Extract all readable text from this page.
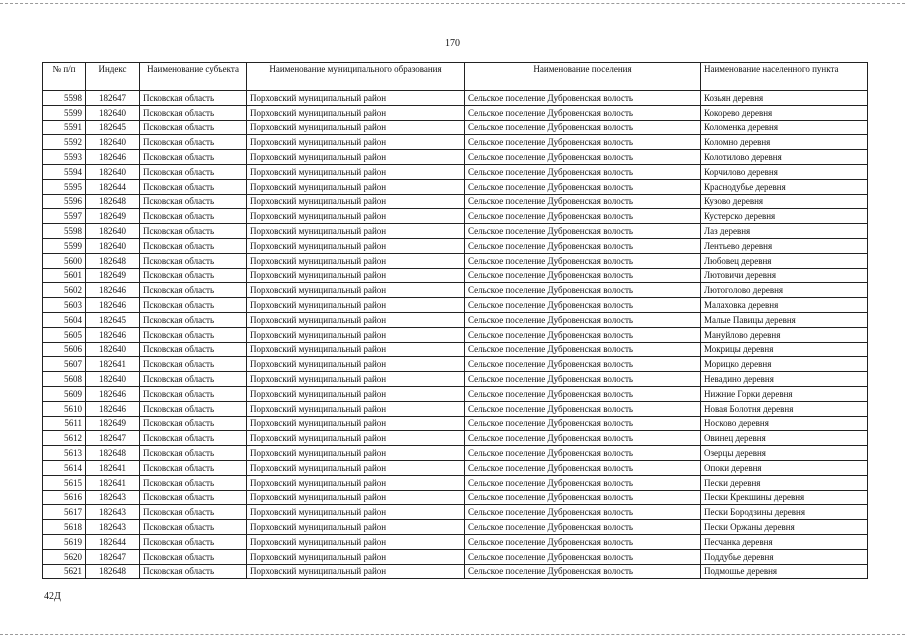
170
№ п/п	Индекс	Наименование субъекта	Наименование муниципального образования	Наименование поселения	Наименование населенного пункта
5598	182647	Псковская область	Порховский муниципальный район	Сельское поселение Дубровенская волость	Козьян деревня
5599	182640	Псковская область	Порховский муниципальный район	Сельское поселение Дубровенская волость	Кокорево деревня
5591	182645	Псковская область	Порховский муниципальный район	Сельское поселение Дубровенская волость	Коломенка деревня
5592	182640	Псковская область	Порховский муниципальный район	Сельское поселение Дубровенская волость	Коломно деревня
5593	182646	Псковская область	Порховский муниципальный район	Сельское поселение Дубровенская волость	Колотилово деревня
5594	182640	Псковская область	Порховский муниципальный район	Сельское поселение Дубровенская волость	Корчилово деревня
5595	182644	Псковская область	Порховский муниципальный район	Сельское поселение Дубровенская волость	Краснодубье деревня
5596	182648	Псковская область	Порховский муниципальный район	Сельское поселение Дубровенская волость	Кузово деревня
5597	182649	Псковская область	Порховский муниципальный район	Сельское поселение Дубровенская волость	Кустерско деревня
5598	182640	Псковская область	Порховский муниципальный район	Сельское поселение Дубровенская волость	Лаз деревня
5599	182640	Псковская область	Порховский муниципальный район	Сельское поселение Дубровенская волость	Лентьево деревня
5600	182648	Псковская область	Порховский муниципальный район	Сельское поселение Дубровенская волость	Любовец деревня
5601	182649	Псковская область	Порховский муниципальный район	Сельское поселение Дубровенская волость	Лютовичи деревня
5602	182646	Псковская область	Порховский муниципальный район	Сельское поселение Дубровенская волость	Лютоголово деревня
5603	182646	Псковская область	Порховский муниципальный район	Сельское поселение Дубровенская волость	Малаховка деревня
5604	182645	Псковская область	Порховский муниципальный район	Сельское поселение Дубровенская волость	Малые Павицы деревня
5605	182646	Псковская область	Порховский муниципальный район	Сельское поселение Дубровенская волость	Мануйлово деревня
5606	182640	Псковская область	Порховский муниципальный район	Сельское поселение Дубровенская волость	Мокрицы деревня
5607	182641	Псковская область	Порховский муниципальный район	Сельское поселение Дубровенская волость	Морицко деревня
5608	182640	Псковская область	Порховский муниципальный район	Сельское поселение Дубровенская волость	Невадино деревня
5609	182646	Псковская область	Порховский муниципальный район	Сельское поселение Дубровенская волость	Нижние Горки деревня
5610	182646	Псковская область	Порховский муниципальный район	Сельское поселение Дубровенская волость	Новая Болотня деревня
5611	182649	Псковская область	Порховский муниципальный район	Сельское поселение Дубровенская волость	Носково деревня
5612	182647	Псковская область	Порховский муниципальный район	Сельское поселение Дубровенская волость	Овинец деревня
5613	182648	Псковская область	Порховский муниципальный район	Сельское поселение Дубровенская волость	Озерцы деревня
5614	182641	Псковская область	Порховский муниципальный район	Сельское поселение Дубровенская волость	Опоки деревня
5615	182641	Псковская область	Порховский муниципальный район	Сельское поселение Дубровенская волость	Пески деревня
5616	182643	Псковская область	Порховский муниципальный район	Сельское поселение Дубровенская волость	Пески Крекшины деревня
5617	182643	Псковская область	Порховский муниципальный район	Сельское поселение Дубровенская волость	Пески Бородзины деревня
5618	182643	Псковская область	Порховский муниципальный район	Сельское поселение Дубровенская волость	Пески Оржаны деревня
5619	182644	Псковская область	Порховский муниципальный район	Сельское поселение Дубровенская волость	Песчанка деревня
5620	182647	Псковская область	Порховский муниципальный район	Сельское поселение Дубровенская волость	Поддубье деревня
5621	182648	Псковская область	Порховский муниципальный район	Сельское поселение Дубровенская волость	Подмошье деревня
42Д
